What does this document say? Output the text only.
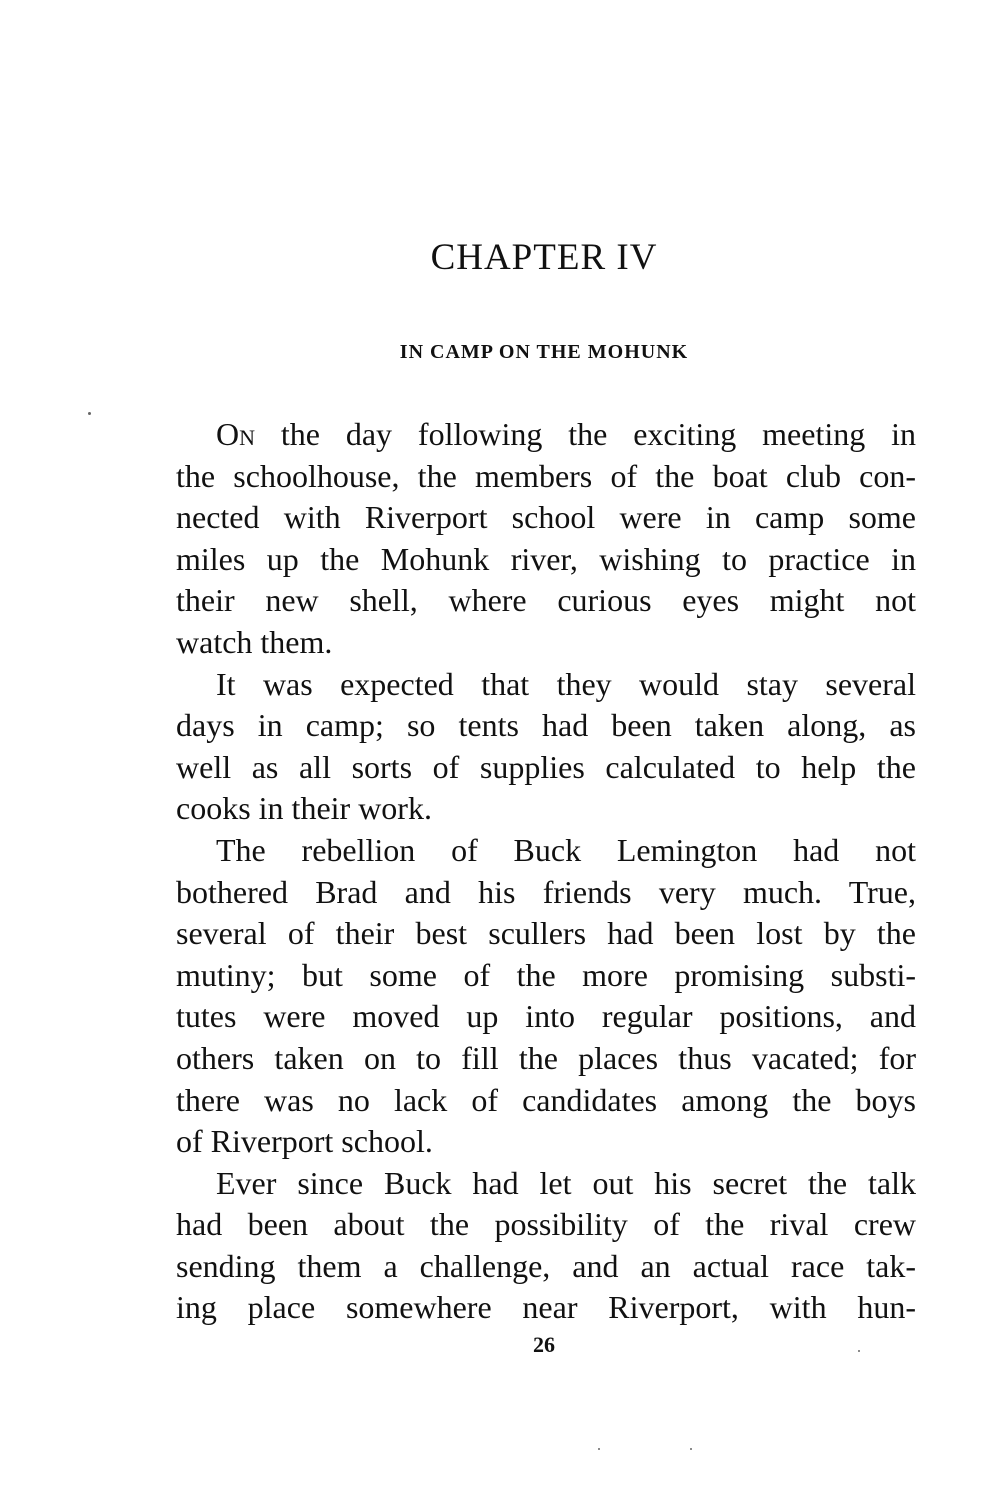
CHAPTER IV
IN CAMP ON THE MOHUNK
On the day following the exciting meeting in
the schoolhouse, the members of the boat club con-
nected with Riverport school were in camp some
miles up the Mohunk river, wishing to practice in
their new shell, where curious eyes might not
watch them.
It was expected that they would stay several
days in camp; so tents had been taken along, as
well as all sorts of supplies calculated to help the
cooks in their work.
The rebellion of Buck Lemington had not
bothered Brad and his friends very much. True,
several of their best scullers had been lost by the
mutiny; but some of the more promising substi-
tutes were moved up into regular positions, and
others taken on to fill the places thus vacated; for
there was no lack of candidates among the boys
of Riverport school.
Ever since Buck had let out his secret the talk
had been about the possibility of the rival crew
sending them a challenge, and an actual race tak-
ing place somewhere near Riverport, with hun-
26
